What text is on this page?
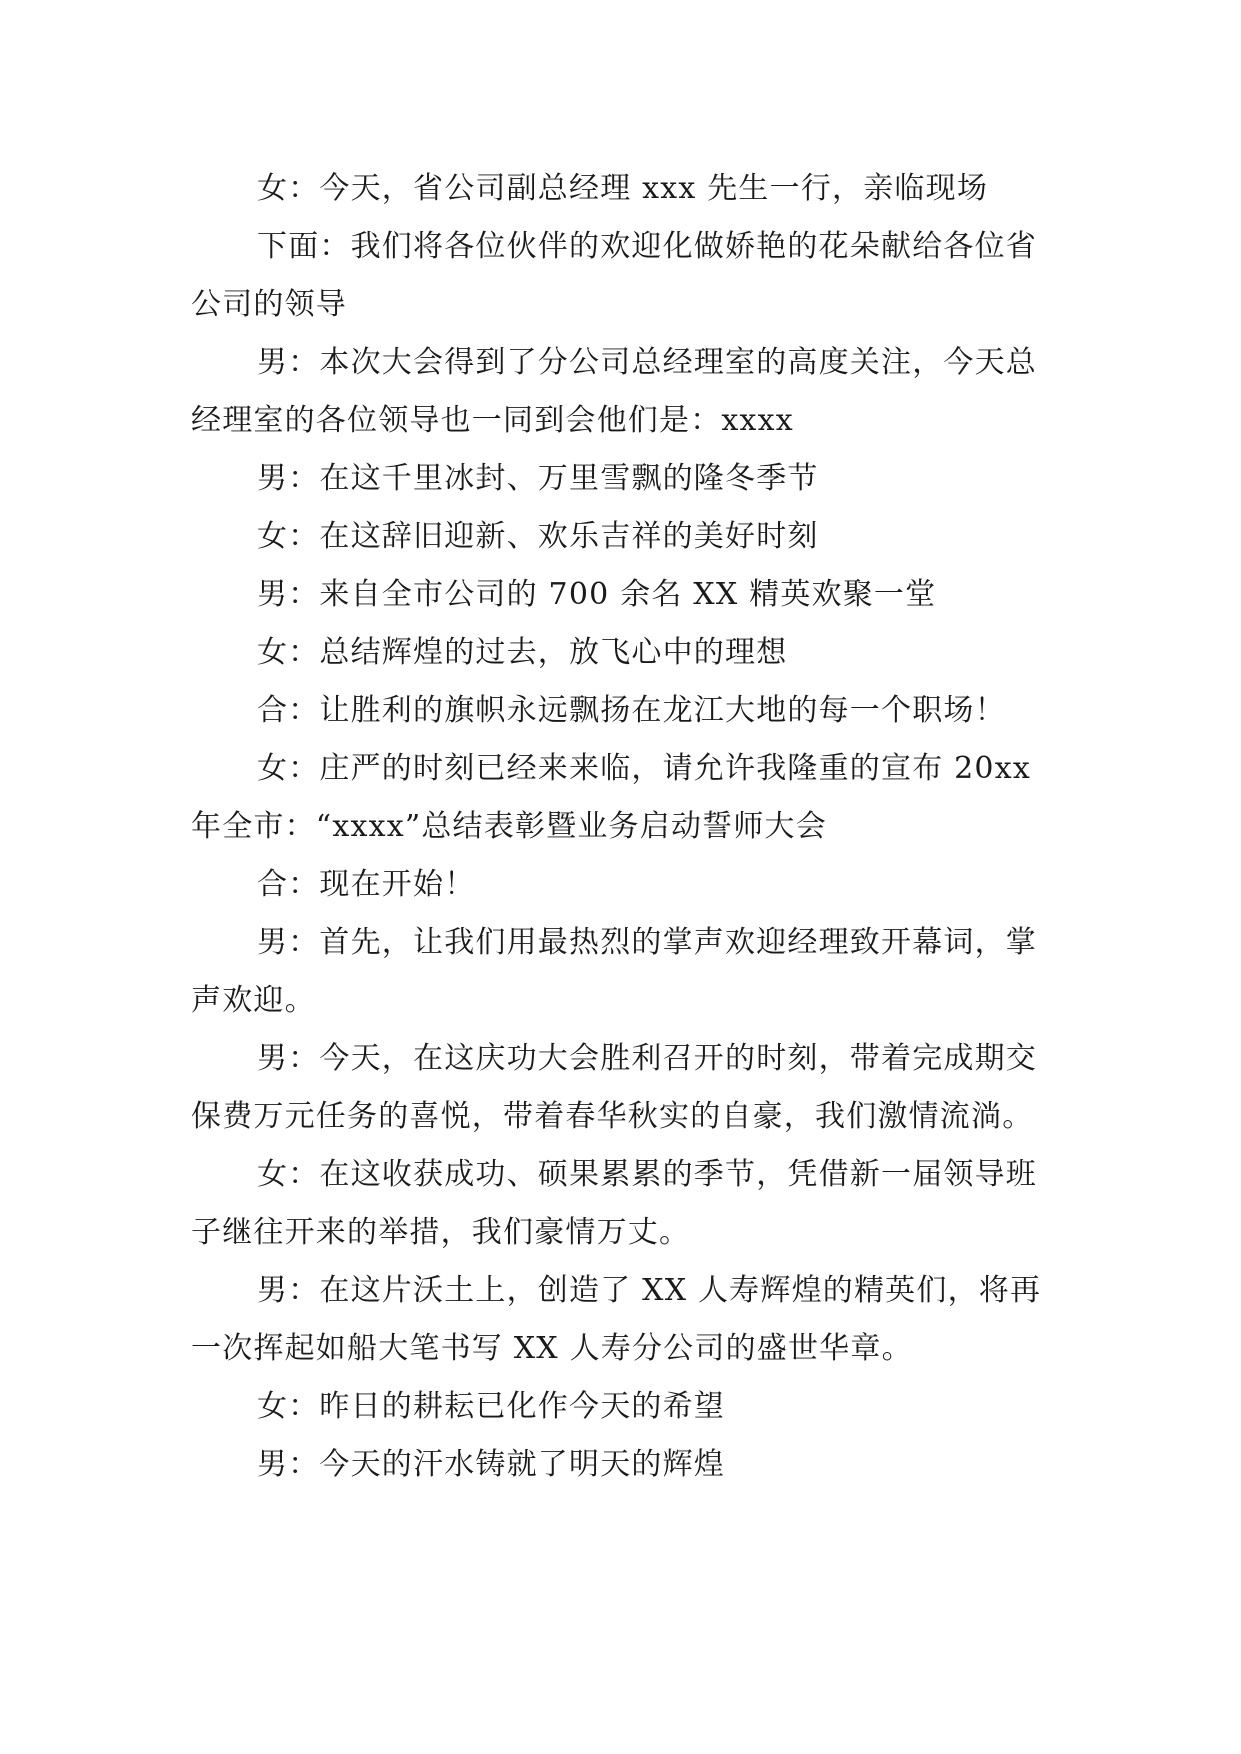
女：今天，省公司副总经理 xxx 先生一行，亲临现场

下面：我们将各位伙伴的欢迎化做娇艳的花朵献给各位省公司的领导

男：本次大会得到了分公司总经理室的高度关注，今天总经理室的各位领导也一同到会他们是：xxxx

男：在这千里冰封、万里雪飘的隆冬季节

女：在这辞旧迎新、欢乐吉祥的美好时刻

男：来自全市公司的 700 余名 XX 精英欢聚一堂

女：总结辉煌的过去，放飞心中的理想

合：让胜利的旗帜永远飘扬在龙江大地的每一个职场！

女：庄严的时刻已经来来临，请允许我隆重的宣布 20xx 年全市：“xxxx”总结表彰暨业务启动誓师大会

合：现在开始！

男：首先，让我们用最热烈的掌声欢迎经理致开幕词，掌声欢迎。

男：今天，在这庆功大会胜利召开的时刻，带着完成期交保费万元任务的喜悦，带着春华秋实的自豪，我们激情流淌。

女：在这收获成功、硕果累累的季节，凭借新一届领导班子继往开来的举措，我们豪情万丈。

男：在这片沃土上，创造了 XX 人寿辉煌的精英们，将再一次挥起如船大笔书写 XX 人寿分公司的盛世华章。

女：昨日的耕耘已化作今天的希望

男：今天的汗水铸就了明天的辉煌
